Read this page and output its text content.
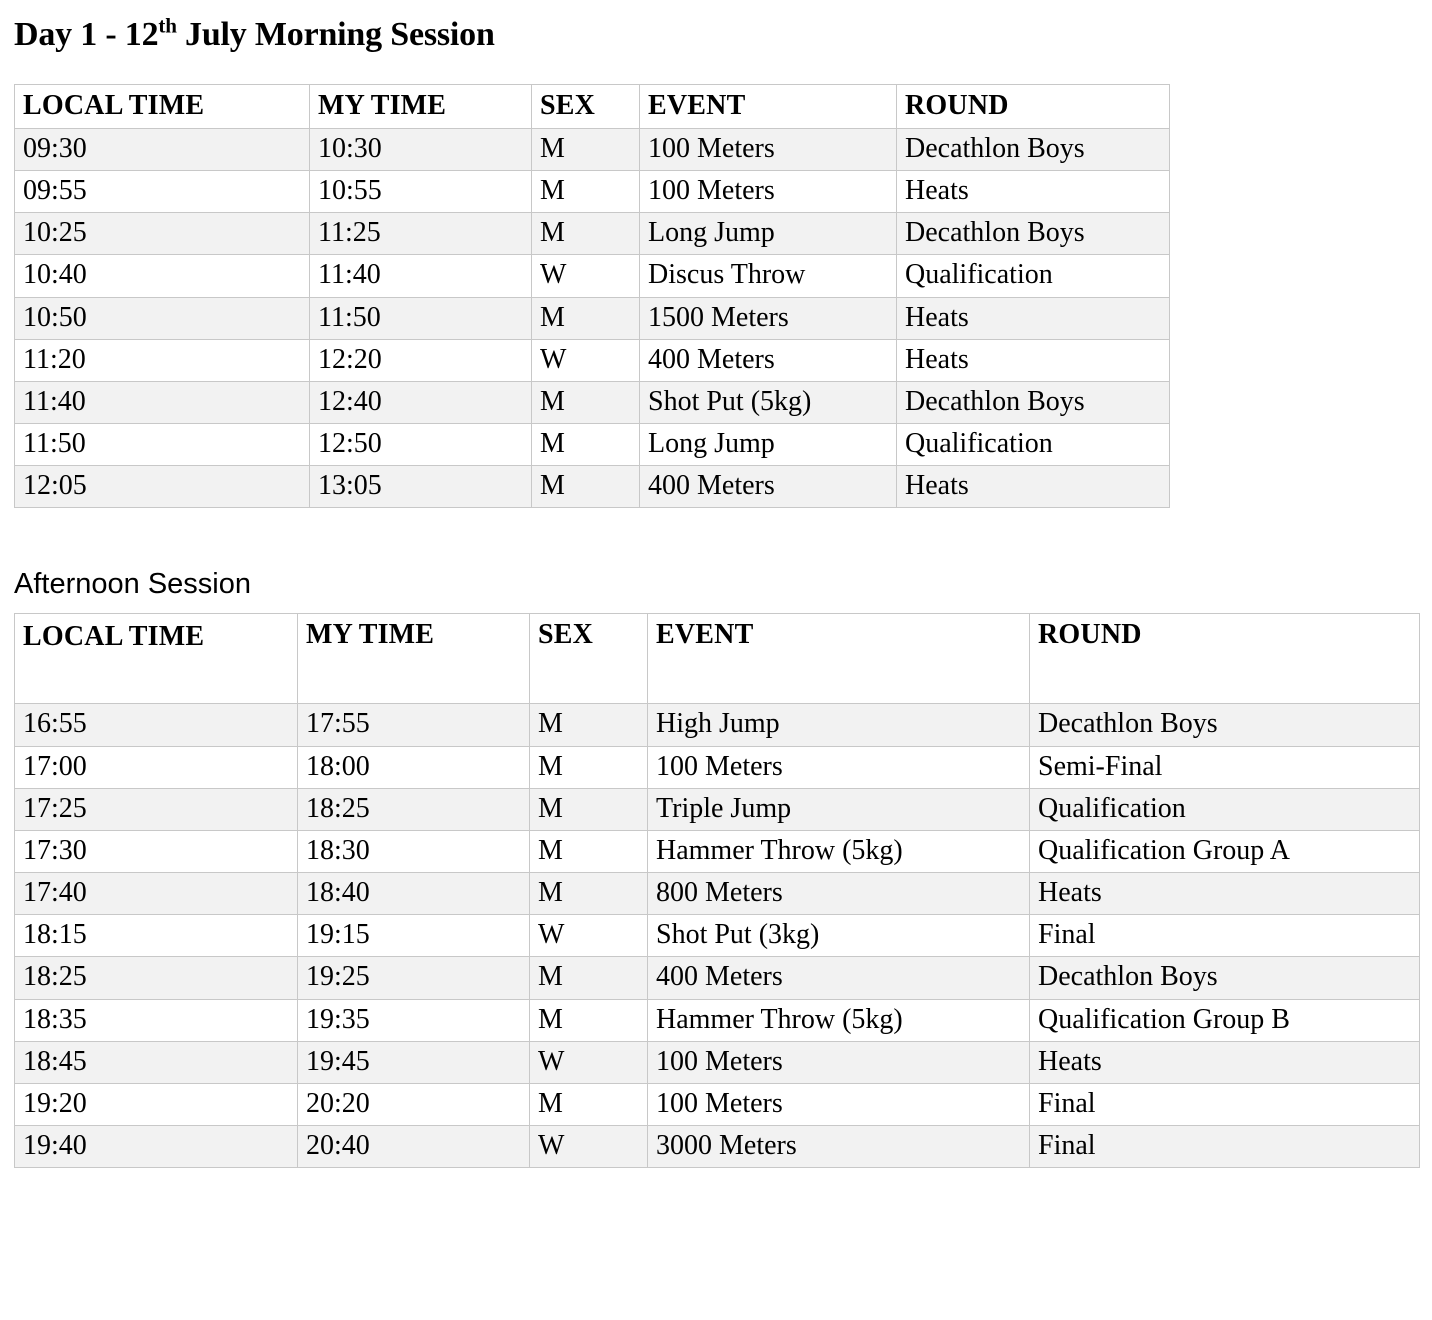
Day 1 - 12th July Morning Session
LOCAL TIME	MY TIME	SEX	EVENT	ROUND
09:30	10:30	M	100 Meters	Decathlon Boys
09:55	10:55	M	100 Meters	Heats
10:25	11:25	M	Long Jump	Decathlon Boys
10:40	11:40	W	Discus Throw	Qualification
10:50	11:50	M	1500 Meters	Heats
11:20	12:20	W	400 Meters	Heats
11:40	12:40	M	Shot Put (5kg)	Decathlon Boys
11:50	12:50	M	Long Jump	Qualification
12:05	13:05	M	400 Meters	Heats
Afternoon Session
LOCAL TIME	MY TIME	SEX	EVENT	ROUND
16:55	17:55	M	High Jump	Decathlon Boys
17:00	18:00	M	100 Meters	Semi-Final
17:25	18:25	M	Triple Jump	Qualification
17:30	18:30	M	Hammer Throw (5kg)	Qualification Group A
17:40	18:40	M	800 Meters	Heats
18:15	19:15	W	Shot Put (3kg)	Final
18:25	19:25	M	400 Meters	Decathlon Boys
18:35	19:35	M	Hammer Throw (5kg)	Qualification Group B
18:45	19:45	W	100 Meters	Heats
19:20	20:20	M	100 Meters	Final
19:40	20:40	W	3000 Meters	Final
